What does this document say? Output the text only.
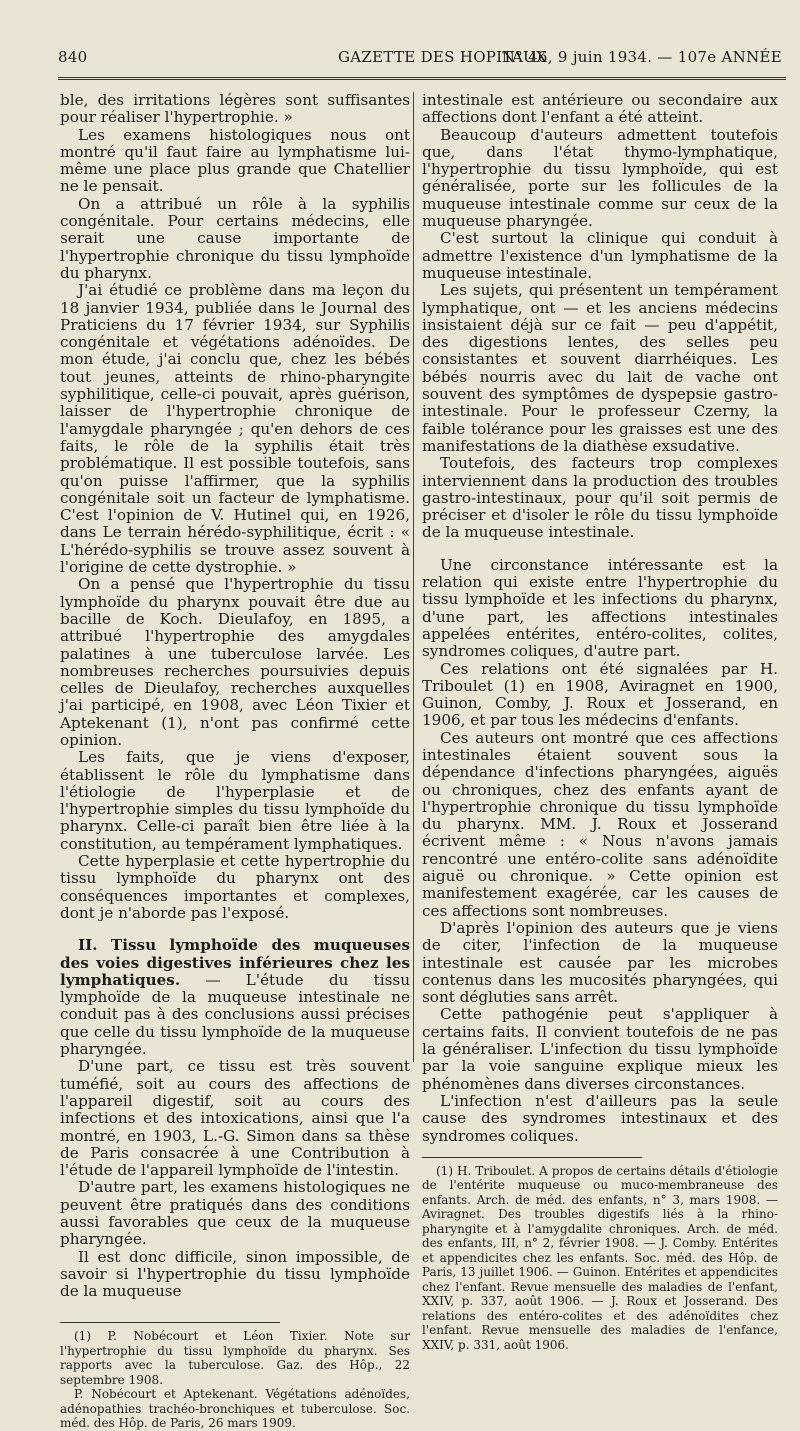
840	GAZETTE DES HOPITAUX
N° 46, 9 juin 1934. — 107e ANNÉE

ble, des irritations légères sont suffisantes pour réaliser l'hypertrophie. »

Les examens histologiques nous ont montré qu'il faut faire au lymphatisme lui-même une place plus grande que Chatellier ne le pensait.

On a attribué un rôle à la syphilis congénitale. Pour certains médecins, elle serait une cause importante de l'hypertrophie chronique du tissu lymphoïde du pharynx.

J'ai étudié ce problème dans ma leçon du 18 janvier 1934, publiée dans le Journal des Praticiens du 17 février 1934, sur Syphilis congénitale et végétations adénoïdes. De mon étude, j'ai conclu que, chez les bébés tout jeunes, atteints de rhino-pharyngite syphilitique, celle-ci pouvait, après guérison, laisser de l'hypertrophie chronique de l'amygdale pharyngée ; qu'en dehors de ces faits, le rôle de la syphilis était très problématique. Il est possible toutefois, sans qu'on puisse l'affirmer, que la syphilis congénitale soit un facteur de lymphatisme. C'est l'opinion de V. Hutinel qui, en 1926, dans Le terrain hérédo-syphilitique, écrit : « L'hérédo-syphilis se trouve assez souvent à l'origine de cette dystrophie. »

On a pensé que l'hypertrophie du tissu lymphoïde du pharynx pouvait être due au bacille de Koch. Dieulafoy, en 1895, a attribué l'hypertrophie des amygdales palatines à une tuberculose larvée. Les nombreuses recherches poursuivies depuis celles de Dieulafoy, recherches auxquelles j'ai participé, en 1908, avec Léon Tixier et Aptekenant (1), n'ont pas confirmé cette opinion.

Les faits, que je viens d'exposer, établissent le rôle du lymphatisme dans l'étiologie de l'hyperplasie et de l'hypertrophie simples du tissu lymphoïde du pharynx. Celle-ci paraît bien être liée à la constitution, au tempérament lymphatiques.

Cette hyperplasie et cette hypertrophie du tissu lymphoïde du pharynx ont des conséquences importantes et complexes, dont je n'aborde pas l'exposé.

II. Tissu lymphoïde des muqueuses des voies digestives inférieures chez les lymphatiques. — L'étude du tissu lymphoïde de la muqueuse intestinale ne conduit pas à des conclusions aussi précises que celle du tissu lymphoïde de la muqueuse pharyngée.

D'une part, ce tissu est très souvent tuméfié, soit au cours des affections de l'appareil digestif, soit au cours des infections et des intoxications, ainsi que l'a montré, en 1903, L.-G. Simon dans sa thèse de Paris consacrée à une Contribution à l'étude de l'appareil lymphoïde de l'intestin.

D'autre part, les examens histologiques ne peuvent être pratiqués dans des conditions aussi favorables que ceux de la muqueuse pharyngée.

Il est donc difficile, sinon impossible, de savoir si l'hypertrophie du tissu lymphoïde de la muqueuse

(1) P. Nobécourt et Léon Tixier. Note sur l'hypertrophie du tissu lymphoïde du pharynx. Ses rapports avec la tuberculose. Gaz. des Hôp., 22 septembre 1908.

P. Nobécourt et Aptekenant. Végétations adénoïdes, adénopathies trachéo-bronchiques et tuberculose. Soc. méd. des Hôp. de Paris, 26 mars 1909.

intestinale est antérieure ou secondaire aux affections dont l'enfant a été atteint.

Beaucoup d'auteurs admettent toutefois que, dans l'état thymo-lymphatique, l'hypertrophie du tissu lymphoïde, qui est généralisée, porte sur les follicules de la muqueuse intestinale comme sur ceux de la muqueuse pharyngée.

C'est surtout la clinique qui conduit à admettre l'existence d'un lymphatisme de la muqueuse intestinale.

Les sujets, qui présentent un tempérament lymphatique, ont — et les anciens médecins insistaient déjà sur ce fait — peu d'appétit, des digestions lentes, des selles peu consistantes et souvent diarrhéiques. Les bébés nourris avec du lait de vache ont souvent des symptômes de dyspepsie gastro-intestinale. Pour le professeur Czerny, la faible tolérance pour les graisses est une des manifestations de la diathèse exsudative.

Toutefois, des facteurs trop complexes interviennent dans la production des troubles gastro-intestinaux, pour qu'il soit permis de préciser et d'isoler le rôle du tissu lymphoïde de la muqueuse intestinale.

Une circonstance intéressante est la relation qui existe entre l'hypertrophie du tissu lymphoïde et les infections du pharynx, d'une part, les affections intestinales appelées entérites, entéro-colites, colites, syndromes coliques, d'autre part.

Ces relations ont été signalées par H. Triboulet (1) en 1908, Aviragnet en 1900, Guinon, Comby, J. Roux et Josserand, en 1906, et par tous les médecins d'enfants.

Ces auteurs ont montré que ces affections intestinales étaient souvent sous la dépendance d'infections pharyngées, aiguës ou chroniques, chez des enfants ayant de l'hypertrophie chronique du tissu lymphoïde du pharynx. MM. J. Roux et Josserand écrivent même : « Nous n'avons jamais rencontré une entéro-colite sans adénoïdite aiguë ou chronique. » Cette opinion est manifestement exagérée, car les causes de ces affections sont nombreuses.

D'après l'opinion des auteurs que je viens de citer, l'infection de la muqueuse intestinale est causée par les microbes contenus dans les mucosités pharyngées, qui sont dégluties sans arrêt.

Cette pathogénie peut s'appliquer à certains faits. Il convient toutefois de ne pas la généraliser. L'infection du tissu lymphoïde par la voie sanguine explique mieux les phénomènes dans diverses circonstances.

L'infection n'est d'ailleurs pas la seule cause des syndromes intestinaux et des syndromes coliques.

(1) H. Triboulet. A propos de certains détails d'étiologie de l'entérite muqueuse ou muco-membraneuse des enfants. Arch. de méd. des enfants, n° 3, mars 1908. — Aviragnet. Des troubles digestifs liés à la rhino-pharyngite et à l'amygdalite chroniques. Arch. de méd. des enfants, III, n° 2, février 1908. — J. Comby. Entérites et appendicites chez les enfants. Soc. méd. des Hôp. de Paris, 13 juillet 1906. — Guinon. Entérites et appendicites chez l'enfant. Revue mensuelle des maladies de l'enfant, XXIV, p. 337, août 1906. — J. Roux et Josserand. Des relations des entéro-colites et des adénoïdites chez l'enfant. Revue mensuelle des maladies de l'enfance, XXIV, p. 331, août 1906.
